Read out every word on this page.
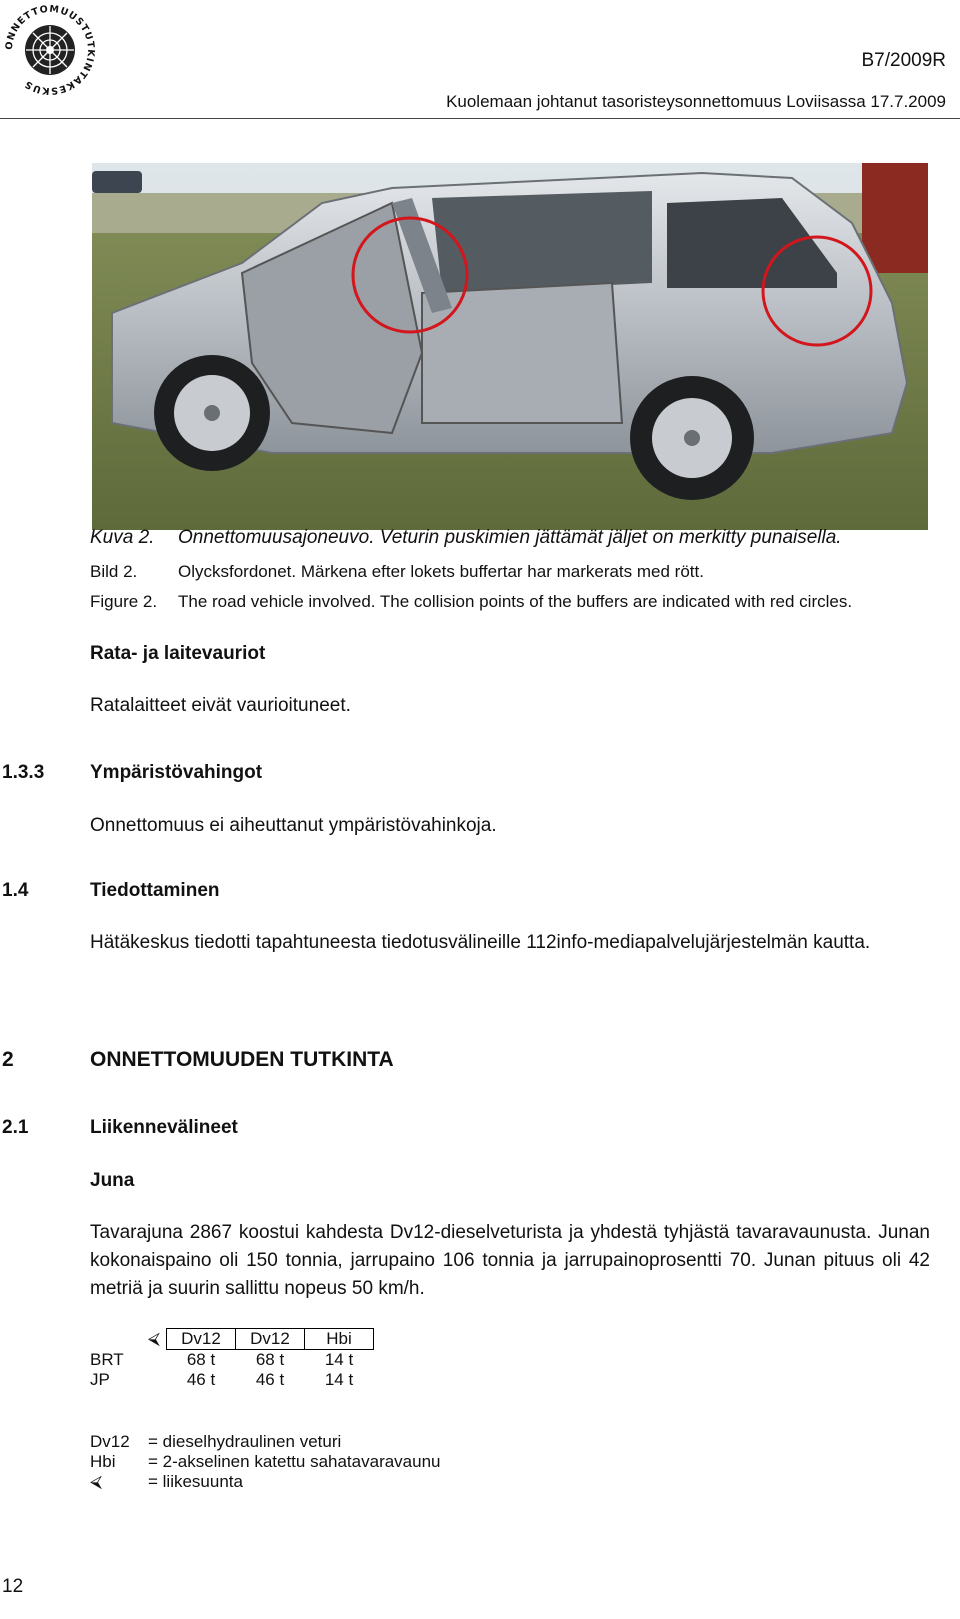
ONNETTOMUUSTUTKINTAKESKUS
B7/2009R
Kuolemaan johtanut tasoristeysonnettomuus Loviisassa 17.7.2009
Kuva 2. Onnettomuusajoneuvo. Veturin puskimien jättämät jäljet on merkitty punaisella.
Bild 2. Olycksfordonet. Märkena efter lokets buffertar har markerats med rött.
Figure 2. The road vehicle involved. The collision points of the buffers are indicated with red circles.
Rata- ja laitevauriot
Ratalaitteet eivät vaurioituneet.
1.3.3 Ympäristövahingot
Onnettomuus ei aiheuttanut ympäristövahinkoja.
1.4	Tiedottaminen
Hätäkeskus tiedotti tapahtuneesta tiedotusvälineille 112info-mediapalvelujärjestelmän kautta.
2	ONNETTOMUUDEN TUTKINTA
2.1	Liikennevälineet
Juna
Tavarajuna 2867 koostui kahdesta Dv12-dieselveturista ja yhdestä tyhjästä tavaravaunusta. Junan kokonaispaino oli 150 tonnia, jarrupaino 106 tonnia ja jarrupainoprosentti 70. Junan pituus oli 42 metriä ja suurin sallittu nopeus 50 km/h.
⮘	Dv12	Dv12	Hbi
BRT	68 t	68 t	14 t
JP	46 t	46 t	14 t
Dv12	= dieselhydraulinen veturi
Hbi	= 2-akselinen katettu sahatavaravaunu
⮘	= liikesuunta
12
